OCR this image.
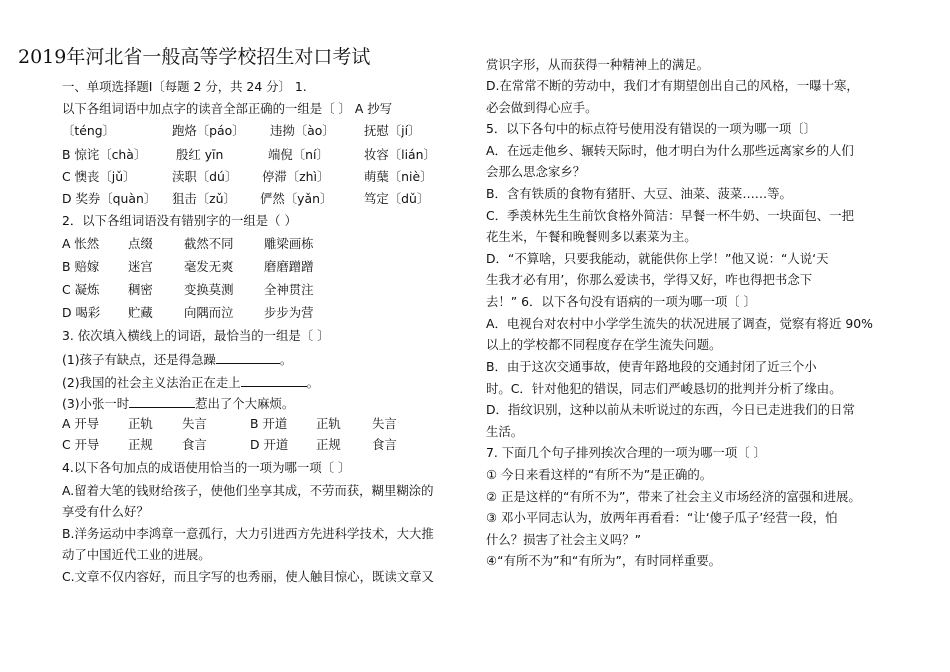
2019年河北省一般高等学校招生对口考试
一、单项选择题Ⅰ〔每题 2 分，共 24 分〕 1.
以下各组词语中加点字的读音全部正确的一组是〔 〕 A 抄写
〔téng〕	跑烙〔páo〕 违拗〔ào〕 抚慰〔jí〕
B 惊诧〔chà〕 殷红 yīn	端倪〔ní〕	妆容〔lián〕
C 懊丧〔jǔ〕	渎职〔dú〕 停滞〔zhì〕	萌蘖〔niè〕
D 奖券〔quàn〕 狙击〔zǔ〕 俨然〔yǎn〕	笃定〔dǔ〕
2．以下各组词语没有错别字的一组是（ ）
A 怅然 点缀	截然不同 雕梁画栋
B 赔嫁 迷宫	毫发无爽 磨磨蹭蹭
C 凝炼 稠密	变换莫测 全神贯注
D 喝彩 贮藏	向隅而泣 步步为营
3. 依次填入横线上的词语，最恰当的一组是〔 〕
(1)孩子有缺点，还是得急躁	。
(2)我国的社会主义法治正在走上	。
(3)小张一时	惹出了个大麻烦。
A 开导 正轨 失言	B 开道 正轨	失言
C 开导 正规 食言	D 开道 正规	食言
4.以下各句加点的成语使用恰当的一项为哪一项〔 〕
A.留着大笔的钱财给孩子，使他们坐享其成，不劳而获，糊里糊涂的
享受有什么好？
B.洋务运动中李鸿章一意孤行，大力引进西方先进科学技术，大大推
动了中国近代工业的进展。
C.文章不仅内容好，而且字写的也秀丽，使人触目惊心，既读文章又
赏识字形，从而获得一种精神上的满足。
D.在常常不断的劳动中，我们才有期望创出自己的风格，一曝十寒，
必会做到得心应手。
5．以下各句中的标点符号使用没有错误的一项为哪一项〔〕
A．在远走他乡、辗转天际时，他才明白为什么那些远离家乡的人们
会那么思念家乡？
B．含有铁质的食物有猪肝、大豆、油菜、菠菜……等。
C．季羡林先生生前饮食格外简洁：早餐一杯牛奶、一块面包、一把
花生米，午餐和晚餐则多以素菜为主。
D．“不算啥，只要我能动，就能供你上学！”他又说：“人说‘天
生我才必有用’，你那么爱读书，学得又好，咋也得把书念下
去！” 6．以下各句没有语病的一项为哪一项〔 〕
A．电视台对农村中小学学生流失的状况进展了调查，觉察有将近 90%
以上的学校都不同程度存在学生流失问题。
B．由于这次交通事故，使青年路地段的交通封闭了近三个小
时。C．针对他犯的错误，同志们严峻恳切的批判并分析了缘由。
D．指纹识别，这种以前从未听说过的东西，今日已走进我们的日常
生活。
7. 下面几个句子排列挨次合理的一项为哪一项〔 〕
① 今日来看这样的“有所不为”是正确的。
② 正是这样的“有所不为”，带来了社会主义市场经济的富强和进展。
③ 邓小平同志认为，放两年再看看：“让‘傻子瓜子’经营一段，怕
什么？损害了社会主义吗？”
④“有所不为”和“有所为”，有时同样重要。
